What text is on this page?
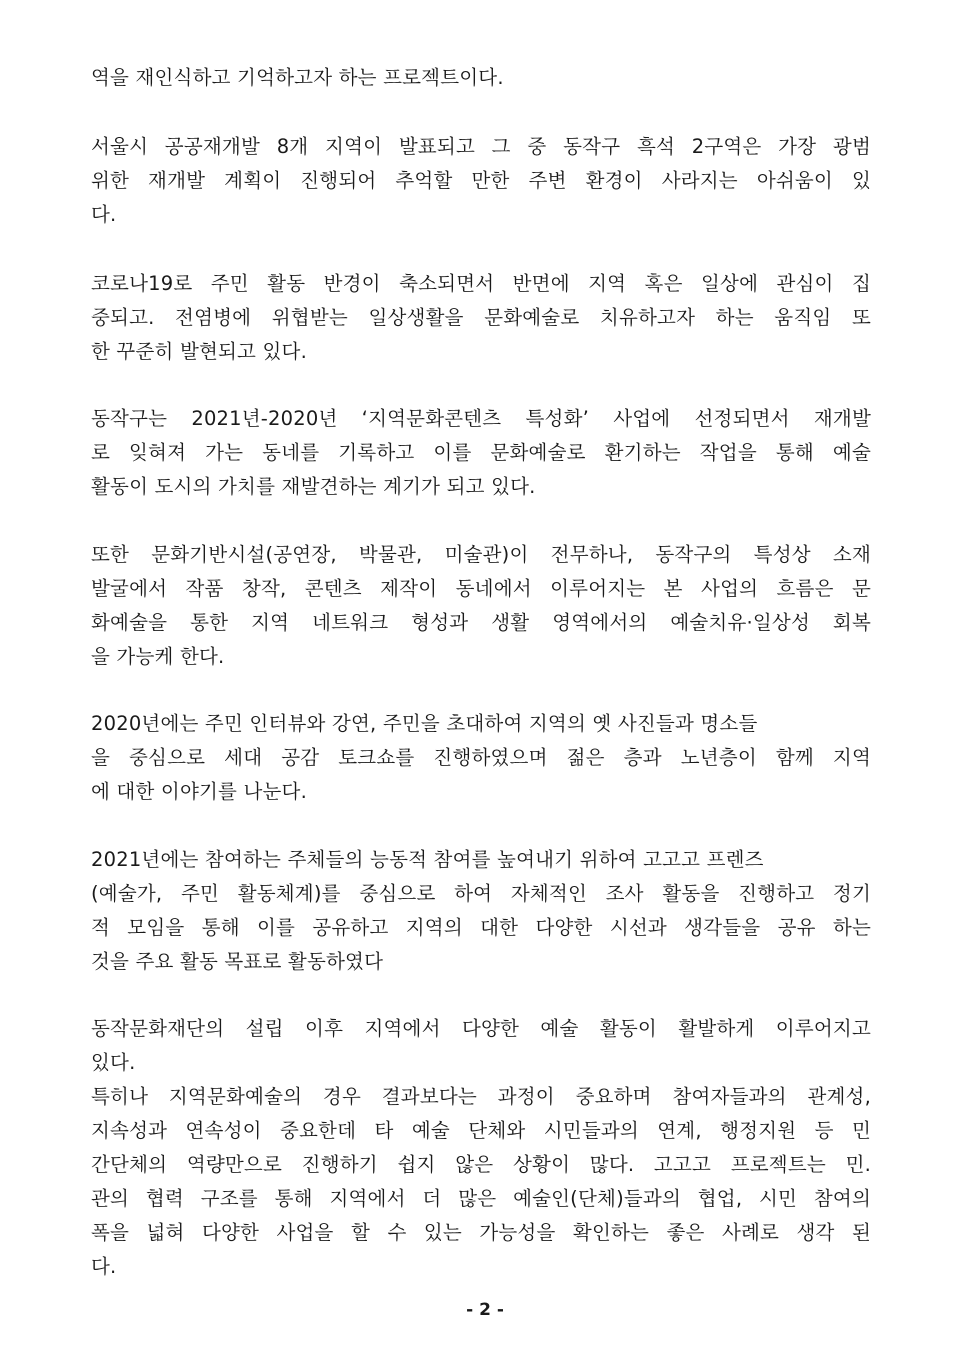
역을 재인식하고 기억하고자 하는 프로젝트이다.
서울시 공공재개발 8개 지역이 발표되고 그 중 동작구 흑석 2구역은 가장 광범
위한 재개발 계획이 진행되어 추억할 만한 주변 환경이 사라지는 아쉬움이 있
다.
코로나19로 주민 활동 반경이 축소되면서 반면에 지역 혹은 일상에 관심이 집
중되고. 전염병에 위협받는 일상생활을 문화예술로 치유하고자 하는 움직임 또
한 꾸준히 발현되고 있다.
동작구는 2021년-2020년 ‘지역문화콘텐츠 특성화’ 사업에 선정되면서 재개발
로 잊혀져 가는 동네를 기록하고 이를 문화예술로 환기하는 작업을 통해 예술
활동이 도시의 가치를 재발견하는 계기가 되고 있다.
또한 문화기반시설(공연장, 박물관, 미술관)이 전무하나, 동작구의 특성상 소재
발굴에서 작품 창작, 콘텐츠 제작이 동네에서 이루어지는 본 사업의 흐름은 문
화예술을 통한 지역 네트워크 형성과 생활 영역에서의 예술치유·일상성 회복
을 가능케 한다.
2020년에는 주민 인터뷰와 강연, 주민을 초대하여 지역의 옛 사진들과 명소들
을 중심으로 세대 공감 토크쇼를 진행하였으며 젊은 층과 노년층이 함께 지역
에 대한 이야기를 나눈다.
2021년에는 참여하는 주체들의 능동적 참여를 높여내기 위하여 고고고 프렌즈
(예술가, 주민 활동체계)를 중심으로 하여 자체적인 조사 활동을 진행하고 정기
적 모임을 통해 이를 공유하고 지역의 대한 다양한 시선과 생각들을 공유 하는
것을 주요 활동 목표로 활동하였다
동작문화재단의 설립 이후 지역에서 다양한 예술 활동이 활발하게 이루어지고
있다.
특히나 지역문화예술의 경우 결과보다는 과정이 중요하며 참여자들과의 관계성,
지속성과 연속성이 중요한데 타 예술 단체와 시민들과의 연계, 행정지원 등 민
간단체의 역량만으로 진행하기 쉽지 않은 상황이 많다. 고고고 프로젝트는 민.
관의 협력 구조를 통해 지역에서 더 많은 예술인(단체)들과의 협업, 시민 참여의
폭을 넓혀 다양한 사업을 할 수 있는 가능성을 확인하는 좋은 사례로 생각 된
다.
- 2 -
